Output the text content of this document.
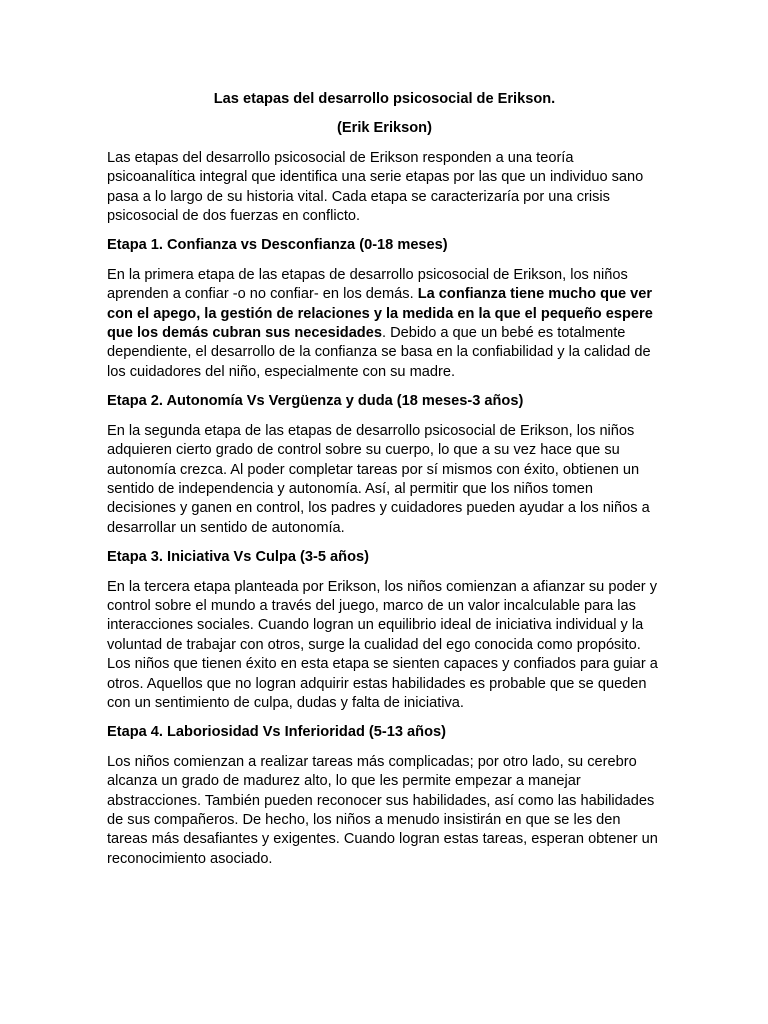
Las etapas del desarrollo psicosocial de Erikson.
(Erik Erikson)

Las etapas del desarrollo psicosocial de Erikson responden a una teoría psicoanalítica integral que identifica una serie etapas por las que un individuo sano pasa a lo largo de su historia vital. Cada etapa se caracterizaría por una crisis psicosocial de dos fuerzas en conflicto.

Etapa 1. Confianza vs Desconfianza (0-18 meses)

En la primera etapa de las etapas de desarrollo psicosocial de Erikson, los niños aprenden a confiar -o no confiar- en los demás. La confianza tiene mucho que ver con el apego, la gestión de relaciones y la medida en la que el pequeño espere que los demás cubran sus necesidades. Debido a que un bebé es totalmente dependiente, el desarrollo de la confianza se basa en la confiabilidad y la calidad de los cuidadores del niño, especialmente con su madre.

Etapa 2. Autonomía Vs Vergüenza y duda (18 meses-3 años)

En la segunda etapa de las etapas de desarrollo psicosocial de Erikson, los niños adquieren cierto grado de control sobre su cuerpo, lo que a su vez hace que su autonomía crezca. Al poder completar tareas por sí mismos con éxito, obtienen un sentido de independencia y autonomía. Así, al permitir que los niños tomen decisiones y ganen en control, los padres y cuidadores pueden ayudar a los niños a desarrollar un sentido de autonomía.

Etapa 3. Iniciativa Vs Culpa (3-5 años)

En la tercera etapa planteada por Erikson, los niños comienzan a afianzar su poder y control sobre el mundo a través del juego, marco de un valor incalculable para las interacciones sociales. Cuando logran un equilibrio ideal de iniciativa individual y la voluntad de trabajar con otros, surge la cualidad del ego conocida como propósito. Los niños que tienen éxito en esta etapa se sienten capaces y confiados para guiar a otros. Aquellos que no logran adquirir estas habilidades es probable que se queden con un sentimiento de culpa, dudas y falta de iniciativa.

Etapa 4. Laboriosidad Vs Inferioridad (5-13 años)

Los niños comienzan a realizar tareas más complicadas; por otro lado, su cerebro alcanza un grado de madurez alto, lo que les permite empezar a manejar abstracciones. También pueden reconocer sus habilidades, así como las habilidades de sus compañeros. De hecho, los niños a menudo insistirán en que se les den tareas más desafiantes y exigentes. Cuando logran estas tareas, esperan obtener un reconocimiento asociado.
